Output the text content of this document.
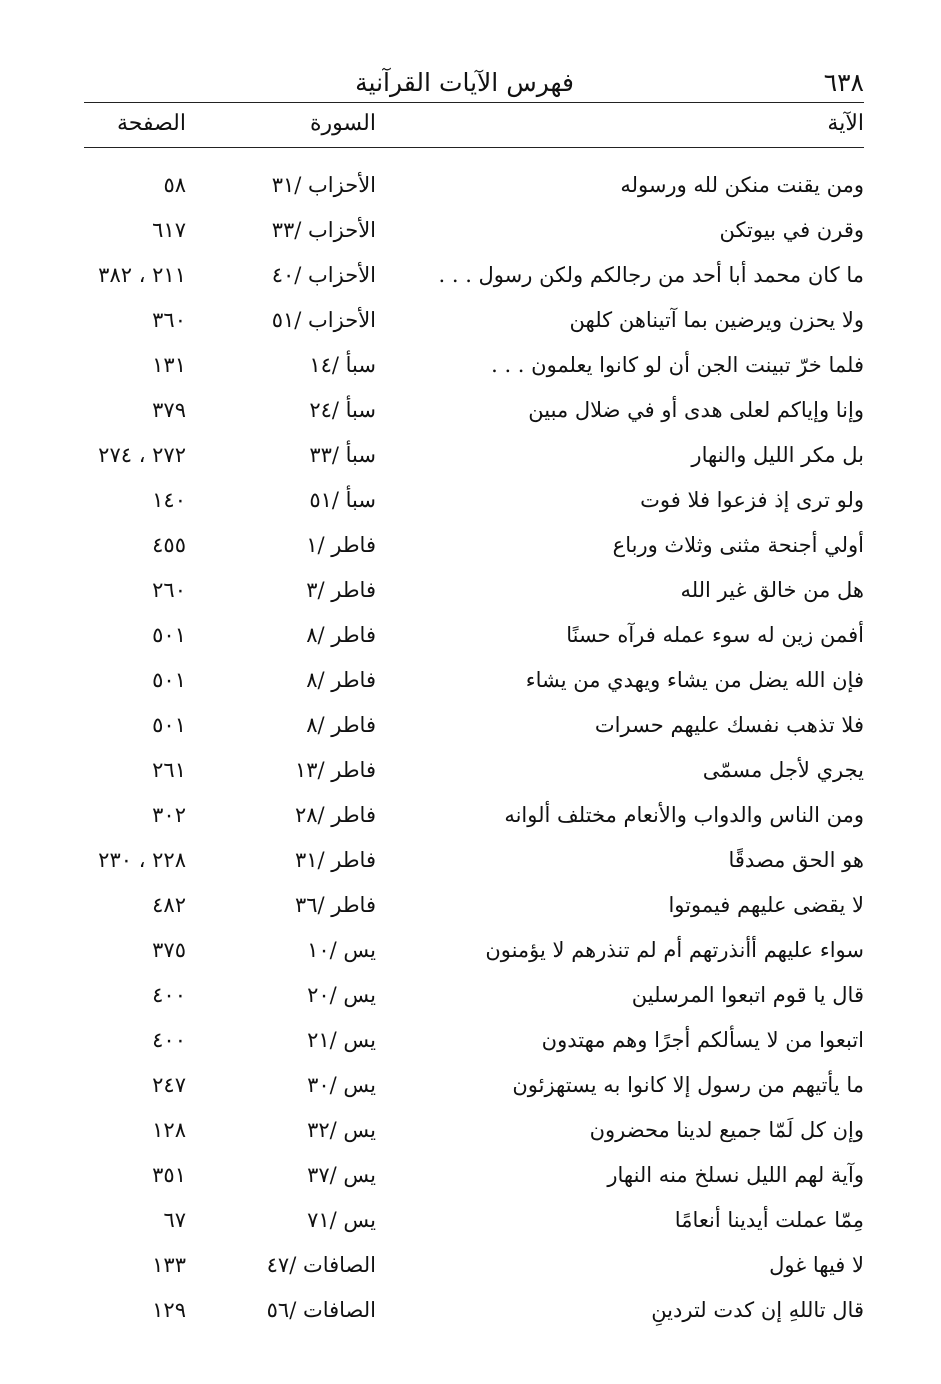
٦٣٨
فهرس الآيات القرآنية
الآية
السورة
الصفحة
ومن يقنت منكن لله ورسوله
الأحزاب /٣١
٥٨
وقرن في بيوتكن
الأحزاب /٣٣
٦١٧
ما كان محمد أبا أحد من رجالكم ولكن رسول . . .
الأحزاب /٤٠
٢١١ ، ٣٨٢
ولا يحزن ويرضين بما آتيناهن كلهن
الأحزاب /٥١
٣٦٠
فلما خرّ تبينت الجن أن لو كانوا يعلمون . . .
سبأ /١٤
١٣١
وإنا وإياكم لعلى هدى أو في ضلال مبين
سبأ /٢٤
٣٧٩
بل مكر الليل والنهار
سبأ /٣٣
٢٧٢ ، ٢٧٤
ولو ترى إذ فزعوا فلا فوت
سبأ /٥١
١٤٠
أولي أجنحة مثنى وثلاث ورباع
فاطر /١
٤٥٥
هل من خالق غير الله
فاطر /٣
٢٦٠
أفمن زين له سوء عمله فرآه حسنًا
فاطر /٨
٥٠١
فإن الله يضل من يشاء ويهدي من يشاء
فاطر /٨
٥٠١
فلا تذهب نفسك عليهم حسرات
فاطر /٨
٥٠١
يجري لأجل مسمّى
فاطر /١٣
٢٦١
ومن الناس والدواب والأنعام مختلف ألوانه
فاطر /٢٨
٣٠٢
هو الحق مصدقًا
فاطر /٣١
٢٢٨ ، ٢٣٠
لا يقضى عليهم فيموتوا
فاطر /٣٦
٤٨٢
سواء عليهم أأنذرتهم أم لم تنذرهم لا يؤمنون
يس /١٠
٣٧٥
قال يا قوم اتبعوا المرسلين
يس /٢٠
٤٠٠
اتبعوا من لا يسألكم أجرًا وهم مهتدون
يس /٢١
٤٠٠
ما يأتيهم من رسول إلا كانوا به يستهزئون
يس /٣٠
٢٤٧
وإن كل لَمّا جميع لدينا محضرون
يس /٣٢
١٢٨
وآية لهم الليل نسلخ منه النهار
يس /٣٧
٣٥١
مِمّا عملت أيدينا أنعامًا
يس /٧١
٦٧
لا فيها غول
الصافات /٤٧
١٣٣
قال تاللهِ إن كدت لتردينِ
الصافات /٥٦
١٢٩
